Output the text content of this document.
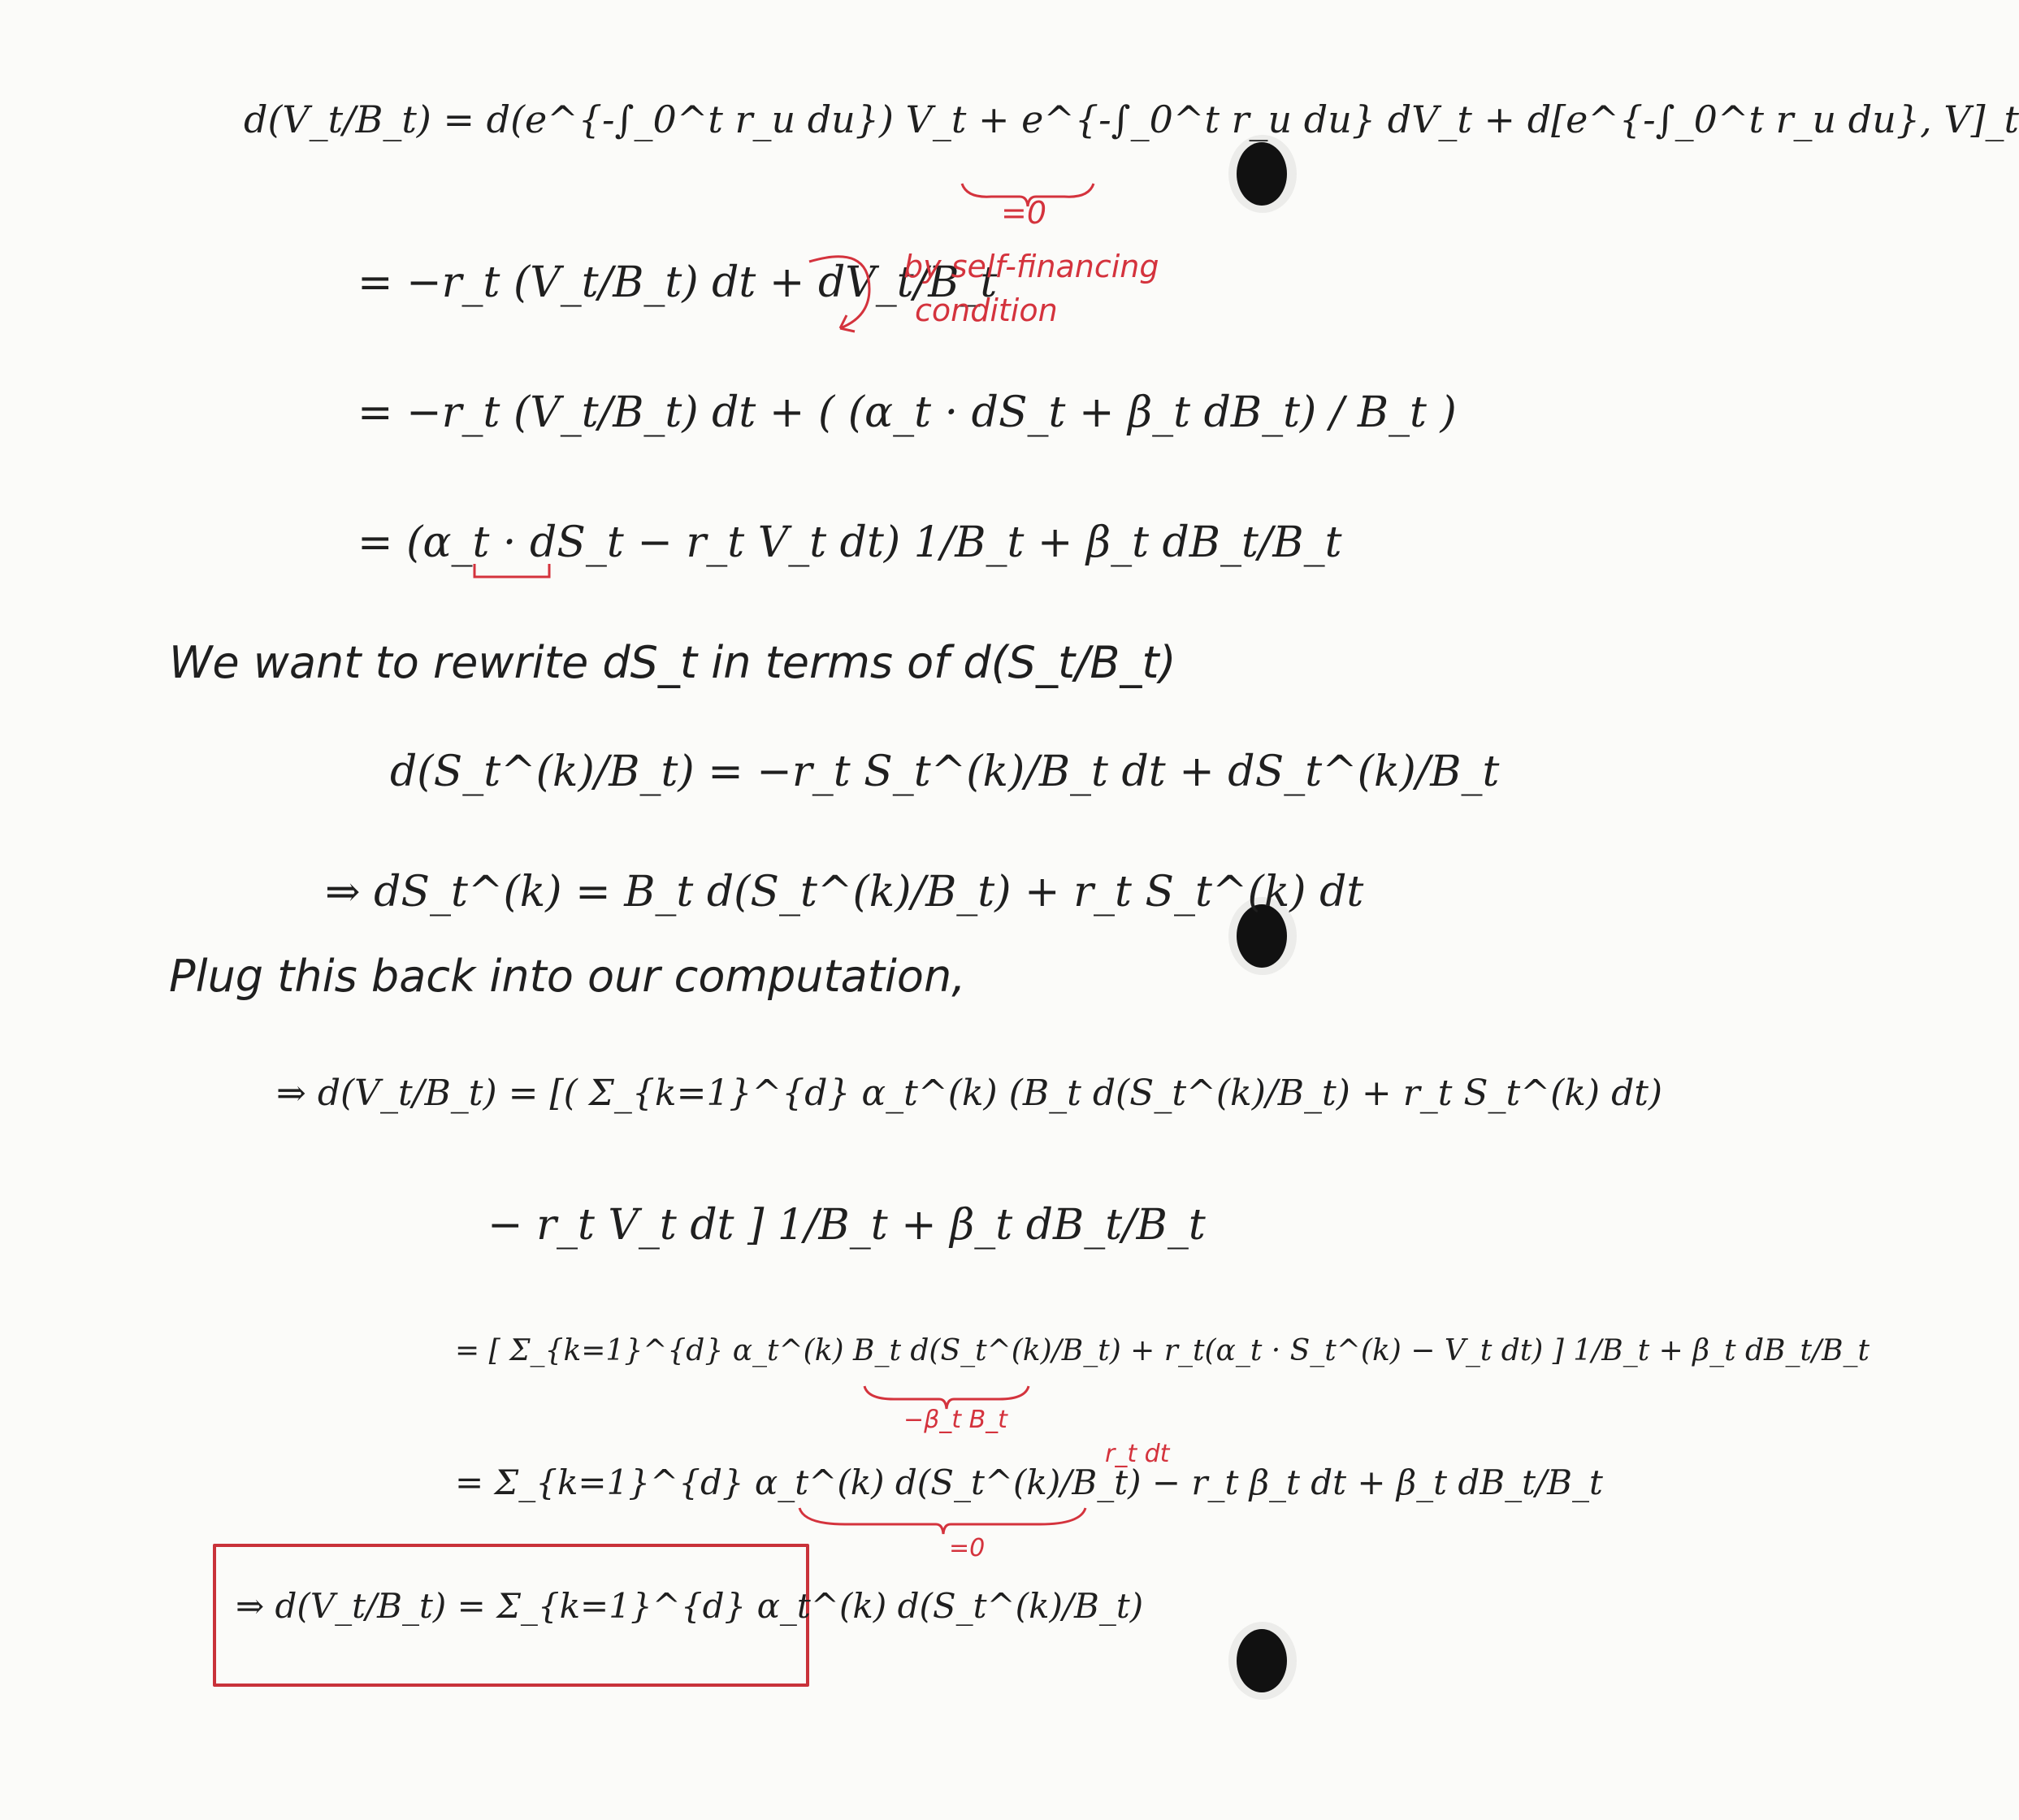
d(V_t/B_t) = d(e^{-∫_0^t r_u du}) V_t + e^{-∫_0^t r_u du} dV_t + d[e^{-∫_0^t r_u du}, V]_t
= −r_t (V_t/B_t) dt + dV_t/B_t
= −r_t (V_t/B_t) dt + ( (α_t · dS_t + β_t dB_t) / B_t )
= (α_t · dS_t − r_t V_t dt) 1/B_t + β_t dB_t/B_t
We want to rewrite dS_t in terms of d(S_t/B_t)
d(S_t^(k)/B_t) = −r_t S_t^(k)/B_t dt + dS_t^(k)/B_t
⇒ dS_t^(k) = B_t d(S_t^(k)/B_t) + r_t S_t^(k) dt
Plug this back into our computation,
⇒ d(V_t/B_t) = [( Σ_{k=1}^{d} α_t^(k) (B_t d(S_t^(k)/B_t) + r_t S_t^(k) dt)
− r_t V_t dt ] 1/B_t + β_t dB_t/B_t
= [ Σ_{k=1}^{d} α_t^(k) B_t d(S_t^(k)/B_t) + r_t(α_t · S_t^(k) − V_t dt) ] 1/B_t + β_t dB_t/B_t
= Σ_{k=1}^{d} α_t^(k) d(S_t^(k)/B_t) − r_t β_t dt + β_t dB_t/B_t
⇒ d(V_t/B_t) = Σ_{k=1}^{d} α_t^(k) d(S_t^(k)/B_t)
=0
by self-financing
condition
−β_t B_t
r_t dt
=0
